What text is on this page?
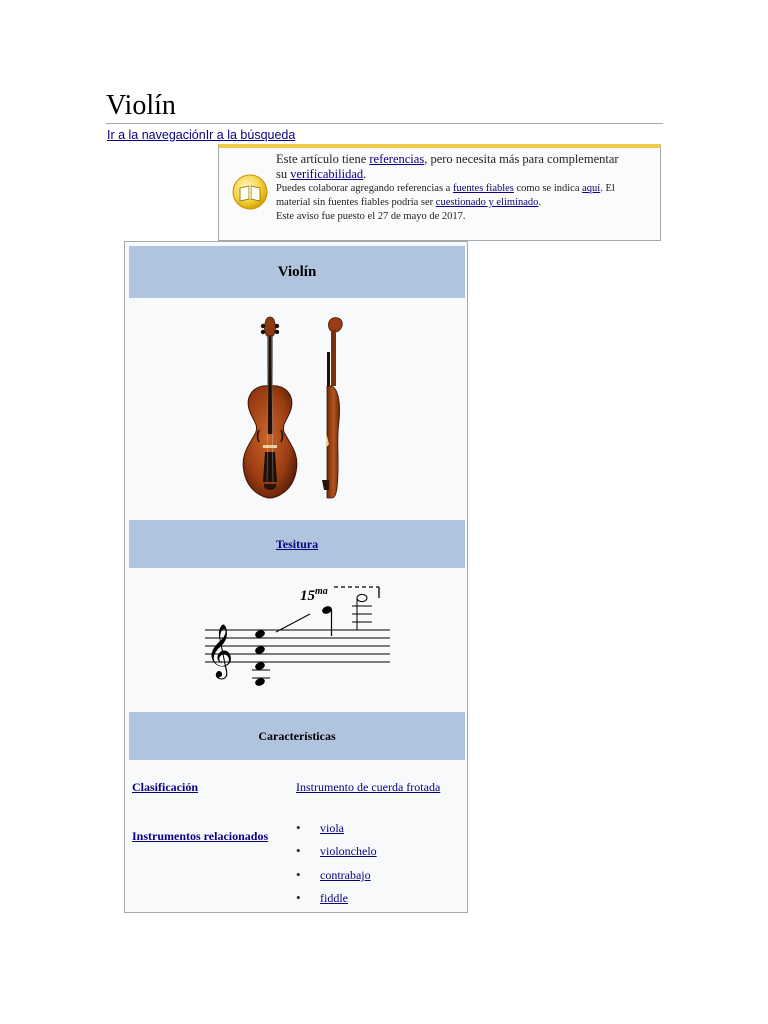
Violín
Ir a la navegaciónIr a la búsqueda
Este artículo tiene referencias, pero necesita más para complementar
su verificabilidad.
Puedes colaborar agregando referencias a fuentes fiables como se indica aquí. El material sin fuentes fiables podría ser cuestionado y eliminado.
Este aviso fue puesto el 27 de mayo de 2017.
Violín
Tesitura
$15^{ma}$
𝄞
Características
Clasificación	Instrumento de cuerda frotada
Instrumentos relacionados
• viola
• violonchelo
• contrabajo
• fiddle
